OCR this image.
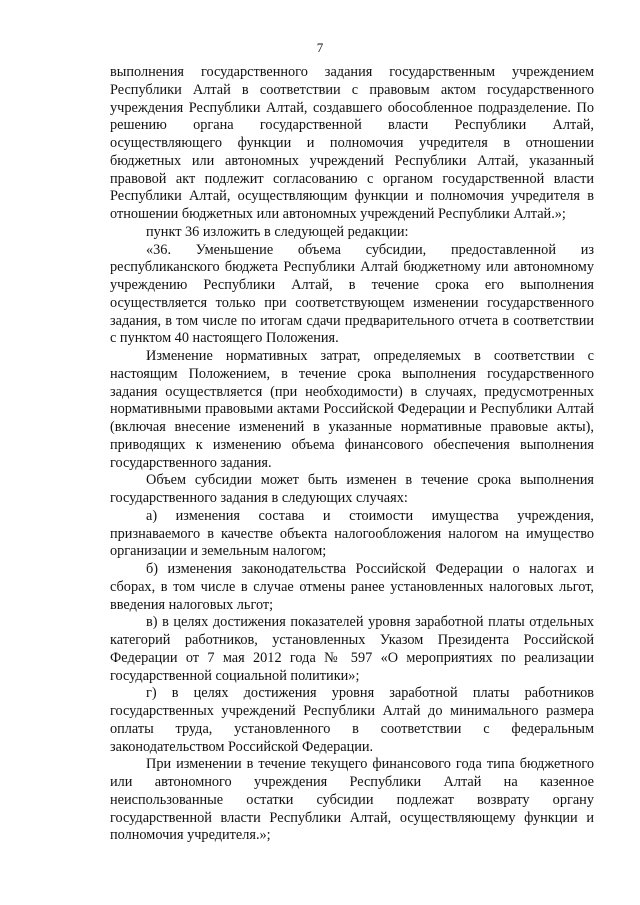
7

выполнения государственного задания государственным учреждением Республики Алтай в соответствии с правовым актом государственного учреждения Республики Алтай, создавшего обособленное подразделение. По решению органа государственной власти Республики Алтай, осуществляющего функции и полномочия учредителя в отношении бюджетных или автономных учреждений Республики Алтай, указанный правовой акт подлежит согласованию с органом государственной власти Республики Алтай, осуществляющим функции и полномочия учредителя в отношении бюджетных или автономных учреждений Республики Алтай.»;

пункт 36 изложить в следующей редакции:

«36. Уменьшение объема субсидии, предоставленной из республиканского бюджета Республики Алтай бюджетному или автономному учреждению Республики Алтай, в течение срока его выполнения осуществляется только при соответствующем изменении государственного задания, в том числе по итогам сдачи предварительного отчета в соответствии с пунктом 40 настоящего Положения.

Изменение нормативных затрат, определяемых в соответствии с настоящим Положением, в течение срока выполнения государственного задания осуществляется (при необходимости) в случаях, предусмотренных нормативными правовыми актами Российской Федерации и Республики Алтай (включая внесение изменений в указанные нормативные правовые акты), приводящих к изменению объема финансового обеспечения выполнения государственного задания.

Объем субсидии может быть изменен в течение срока выполнения государственного задания в следующих случаях:

а) изменения состава и стоимости имущества учреждения, признаваемого в качестве объекта налогообложения налогом на имущество организации и земельным налогом;

б) изменения законодательства Российской Федерации о налогах и сборах, в том числе в случае отмены ранее установленных налоговых льгот, введения налоговых льгот;

в) в целях достижения показателей уровня заработной платы отдельных категорий работников, установленных Указом Президента Российской Федерации от 7 мая 2012 года № 597 «О мероприятиях по реализации государственной социальной политики»;

г) в целях достижения уровня заработной платы работников государственных учреждений Республики Алтай до минимального размера оплаты труда, установленного в соответствии с федеральным законодательством Российской Федерации.

При изменении в течение текущего финансового года типа бюджетного или автономного учреждения Республики Алтай на казенное неиспользованные остатки субсидии подлежат возврату органу государственной власти Республики Алтай, осуществляющему функции и полномочия учредителя.»;
